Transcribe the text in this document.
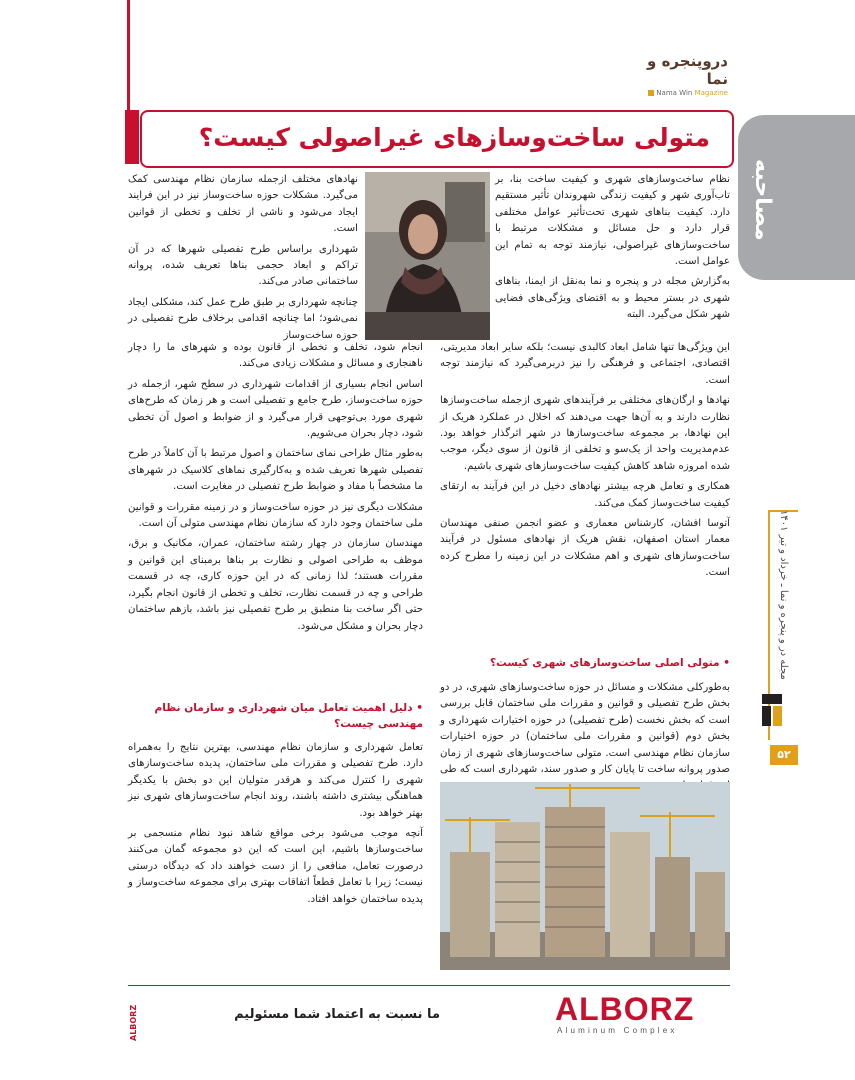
دروپنجره و نما
Nama Win Magazine
متولی ساخت‌وسازهای غیراصولی کیست؟
مصاحبه
مجله در و پنجره و نما ـ خرداد و تیر ۱۴۰۱
۵۲

نظام ساخت‌وسازهای شهری و کیفیت ساخت بنا، بر تاب‌آوری شهر و کیفیت زندگی شهروندان تأثیر مستقیم دارد. کیفیت بناهای شهری تحت‌تأثیر عوامل مختلفی قرار دارد و حل مسائل و مشکلات مرتبط با ساخت‌وسازهای غیراصولی، نیازمند توجه به تمام این عوامل است.

به‌گزارش مجله در و پنجره و نما به‌نقل از ایمنا، بناهای شهری در بستر محیط و به اقتضای ویژگی‌های فضایی شهر شکل می‌گیرد. البته

این ویژگی‌ها تنها شامل ابعاد کالبدی نیست؛ بلکه سایر ابعاد مدیریتی، اقتصادی، اجتماعی و فرهنگی را نیز دربرمی‌گیرد که نیازمند توجه است.

نهادها و ارگان‌های مختلفی بر فرآیندهای شهری از‌جمله ساخت‌وسازها نظارت دارند و به آن‌ها جهت می‌دهند که اخلال در عملکرد هریک از این نهادها، بر مجموعه ساخت‌وسازها در شهر اثرگذار خواهد بود. عدم‌مدیریت واحد از یک‌سو و تخلفی از قانون از سوی دیگر، موجب شده امروزه شاهد کاهش کیفیت ساخت‌وسازهای شهری باشیم.

همکاری و تعامل هرچه بیشتر نهادهای دخیل در این فرآیند به ارتقای کیفیت ساخت‌وساز کمک می‌کند.

آتوسا افشان، کارشناس معماری و عضو انجمن صنفی مهندسان معمار استان اصفهان، نقش هریک از نهادهای مسئول در فرآیند ساخت‌وسازهای شهری و اهم مشکلات در این زمینه را مطرح کرده است.

• متولی اصلی ساخت‌وسازهای شهری کیست؟

به‌طورکلی مشکلات و مسائل در حوزه ساخت‌وسازهای شهری، در دو بخش طرح تفصیلی و قوانین و مقررات ملی ساختمان قابل بررسی است که بخش نخست (طرح تفصیلی) در حوزه اختیارات شهرداری و بخش دوم (قوانین و مقررات ملی ساختمان) در حوزه اختیارات سازمان نظام مهندسی است. متولی ساخت‌وسازهای شهری از زمان صدور پروانه ساخت تا پایان کار و صدور سند، شهرداری است که طی

نهادهای مختلف ازجمله سازمان نظام مهندسی کمک می‌گیرد. مشکلات حوزه ساخت‌وساز نیز در این فرایند ایجاد می‌شود و ناشی از تخلف و تخطی از قوانین است.

شهرداری براساس طرح تفصیلی شهرها که در آن تراکم و ابعاد حجمی بناها تعریف شده، پروانه ساختمانی صادر می‌کند.

چنانچه شهرداری بر طبق طرح عمل کند، مشکلی ایجاد نمی‌شود؛ اما چنانچه اقدامی برخلاف طرح تفصیلی در حوزه ساخت‌وساز

انجام شود، تخلف و تخطی از قانون بوده و شهرهای ما را دچار ناهنجاری و مسائل و مشکلات زیادی می‌کند.

اساس انجام بسیاری از اقدامات شهرداری در سطح شهر، ازجمله در حوزه ساخت‌وساز، طرح جامع و تفصیلی است و هر زمان که طرح‌های شهری مورد بی‌توجهی قرار می‌گیرد و از ضوابط و اصول آن تخطی شود، دچار بحران می‌شویم.

به‌طور مثال طراحی نمای ساختمان و اصول مرتبط با آن کاملاً در طرح تفصیلی شهرها تعریف شده و به‌کارگیری نماهای کلاسیک در شهرهای ما مشخصاً با مفاد و ضوابط طرح تفصیلی در مغایرت است.

مشکلات دیگری نیز در حوزه ساخت‌وساز و در زمینه مقررات و قوانین ملی ساختمان وجود دارد که سازمان نظام مهندسی متولی آن است.

مهندسان سازمان در چهار رشته ساختمان، عمران، مکانیک و برق، موظف به طراحی اصولی و نظارت بر بناها برمبنای این قوانین و مقررات هستند؛ لذا زمانی که در این حوزه کاری، چه در قسمت طراحی و چه در قسمت نظارت، تخلف و تخطی از قانون انجام بگیرد، حتی اگر ساخت بنا منطبق بر طرح تفصیلی نیز باشد، بازهم ساختمان دچار بحران و مشکل می‌شود.

• دلیل اهمیت تعامل میان شهرداری و سازمان نظام مهندسی چیست؟

تعامل شهرداری و سازمان نظام مهندسی، بهترین نتایج را به‌همراه دارد. طرح تفصیلی و مقررات ملی ساختمان، پدیده ساخت‌وسازهای شهری را کنترل می‌کند و هرقدر متولیان این دو بخش با یکدیگر هماهنگی بیشتری داشته باشند، روند انجام ساخت‌وسازهای شهری نیز بهتر خواهد بود.

آنچه موجب می‌شود برخی مواقع شاهد نبود نظام منسجمی بر ساخت‌وسازها باشیم، این است که این دو مجموعه گمان می‌کنند درصورت تعامل، منافعی را از دست خواهند داد که دیدگاه درستی نیست؛ زیرا با تعامل قطعاً اتفاقات بهتری برای مجموعه ساخت‌وساز و پدیده ساختمان خواهد افتاد.

ALBORZ	ما نسبت به اعتماد شما مسئولیم	ALBORZ
Aluminum Complex
